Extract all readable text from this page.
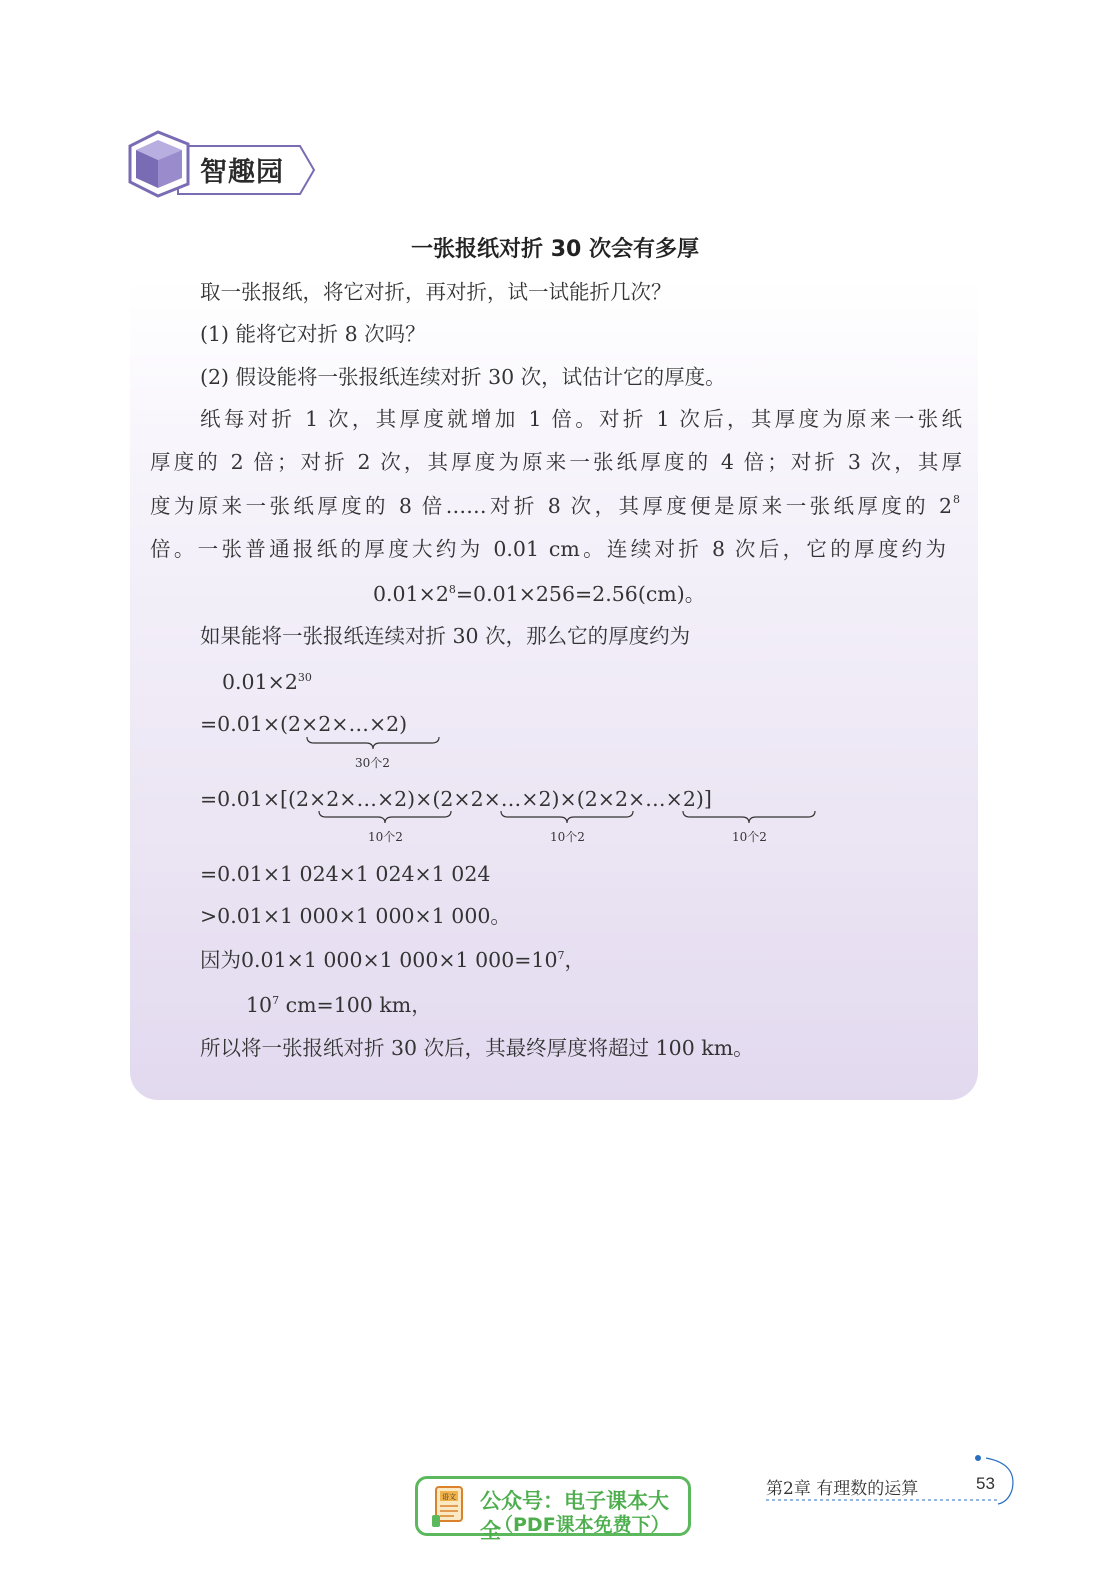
智趣园
一张报纸对折 30 次会有多厚
取一张报纸，将它对折，再对折，试一试能折几次？
(1) 能将它对折 8 次吗？
(2) 假设能将一张报纸连续对折 30 次，试估计它的厚度。
纸每对折 1 次，其厚度就增加 1 倍。对折 1 次后，其厚度为原来一张纸
厚度的 2 倍；对折 2 次，其厚度为原来一张纸厚度的 4 倍；对折 3 次，其厚
度为原来一张纸厚度的 8 倍……对折 8 次，其厚度便是原来一张纸厚度的 2 8
倍。一张普通报纸的厚度大约为 0.01 cm。连续对折 8 次后，它的厚度约为
$0.01\times 2^8=0.01\times 256=2.56(cm)$。
如果能将一张报纸连续对折 30 次，那么它的厚度约为
$0.01\times 2^{30}$
=0.01×(2×2×…×2)
30个2
=0.01×[(2×2×…×2)×(2×2×…×2)×(2×2×…×2)]
10个2	10个2	10个2
=0.01×1 024×1 024×1 024
>0.01×1 000×1 000×1 000。
因为0.01×1 000×1 000×1 $000=10^7$，
$10^7$ cm=100 km，
所以将一张报纸对折 30 次后，其最终厚度将超过 100 km。
语文 公众号：电子课本大全
（PDF课本免费下）
第2章 有理数的运算	53
